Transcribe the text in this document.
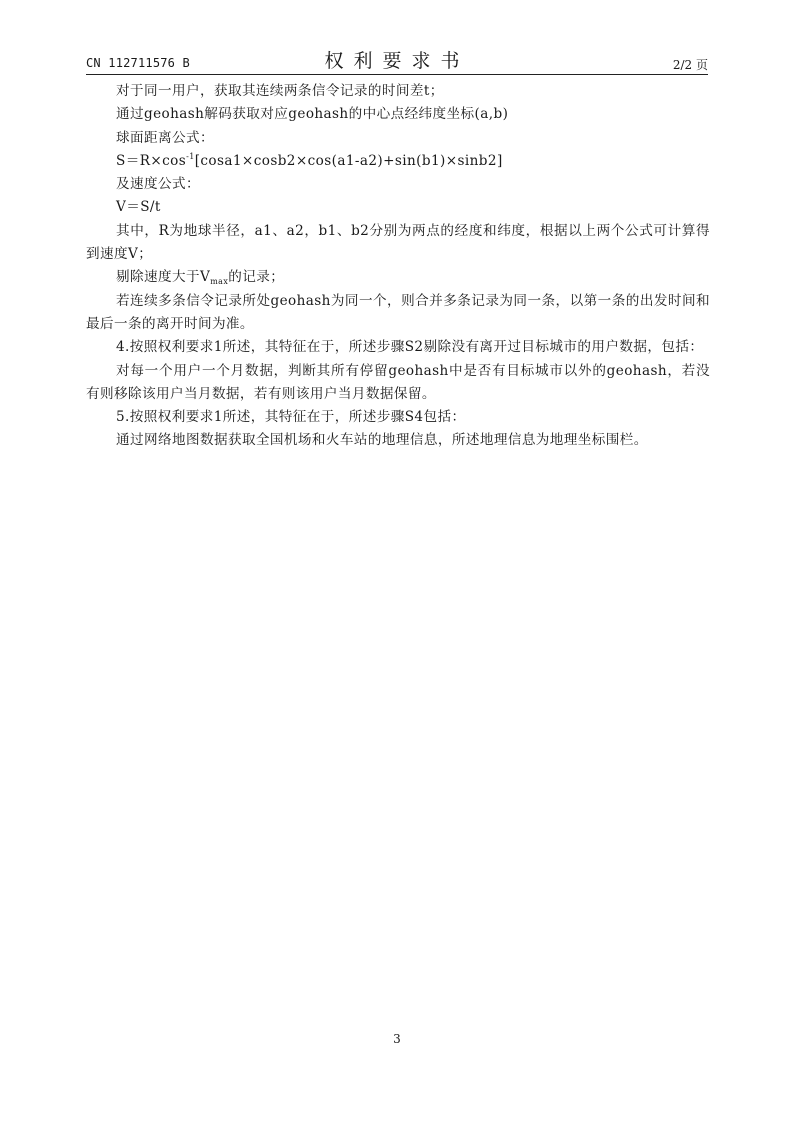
CN 112711576 B	权利要求书	2/2 页

对于同一用户，获取其连续两条信令记录的时间差t；

通过geohash解码获取对应geohash的中心点经纬度坐标(a,b)

球面距离公式：

$S=R\times\cos^{-1}[\cos a1\times\cos b2\times\cos(a1-a2)+\sin(b1)\times\sin b2]$

及速度公式：

V＝S/t

其中，R为地球半径，a1、a2，b1、b2分别为两点的经度和纬度，根据以上两个公式可计算得到速度V；

剔除速度大于$V_{max}$的记录；

若连续多条信令记录所处geohash为同一个，则合并多条记录为同一条，以第一条的出发时间和最后一条的离开时间为准。

4.按照权利要求1所述，其特征在于，所述步骤S2剔除没有离开过目标城市的用户数据，包括：

对每一个用户一个月数据，判断其所有停留geohash中是否有目标城市以外的geohash，若没有则移除该用户当月数据，若有则该用户当月数据保留。

5.按照权利要求1所述，其特征在于，所述步骤S4包括：

通过网络地图数据获取全国机场和火车站的地理信息，所述地理信息为地理坐标围栏。

3
